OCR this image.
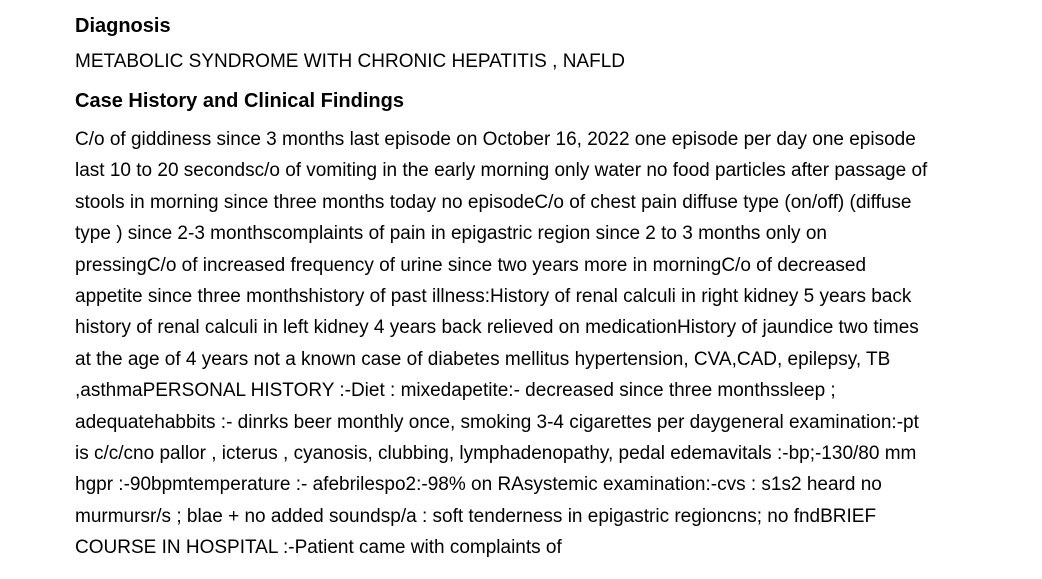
Diagnosis

METABOLIC SYNDROME WITH CHRONIC HEPATITIS , NAFLD

Case History and Clinical Findings
C/o of giddiness since 3 months last episode on October 16, 2022 one episode per day one episode
last 10 to 20 secondsc/o of vomiting in the early morning only water no food particles after passage of
stools in morning since three months today no episodeC/o of chest pain diffuse type (on/off) (diffuse
type ) since 2-3 monthscomplaints of pain in epigastric region since 2 to 3 months only on
pressingC/o of increased frequency of urine since two years more in morningC/o of decreased
appetite since three monthshistory of past illness:History of renal calculi in right kidney 5 years back
history of renal calculi in left kidney 4 years back relieved on medicationHistory of jaundice two times
at the age of 4 years not a known case of diabetes mellitus hypertension, CVA,CAD, epilepsy, TB
,asthmaPERSONAL HISTORY :-Diet : mixedapetite:- decreased since three monthssleep ;
adequatehabbits :- dinrks beer monthly once, smoking 3-4 cigarettes per daygeneral examination:-pt
is c/c/cno pallor , icterus , cyanosis, clubbing, lymphadenopathy, pedal edemavitals :-bp;-130/80 mm
hgpr :-90bpmtemperature :- afebrilespo2:-98% on RAsystemic examination:-cvs : s1s2 heard no
murmursr/s ; blae + no added soundsp/a : soft tenderness in epigastric regioncns; no fndBRIEF
COURSE IN HOSPITAL :-Patient came with complaints of
